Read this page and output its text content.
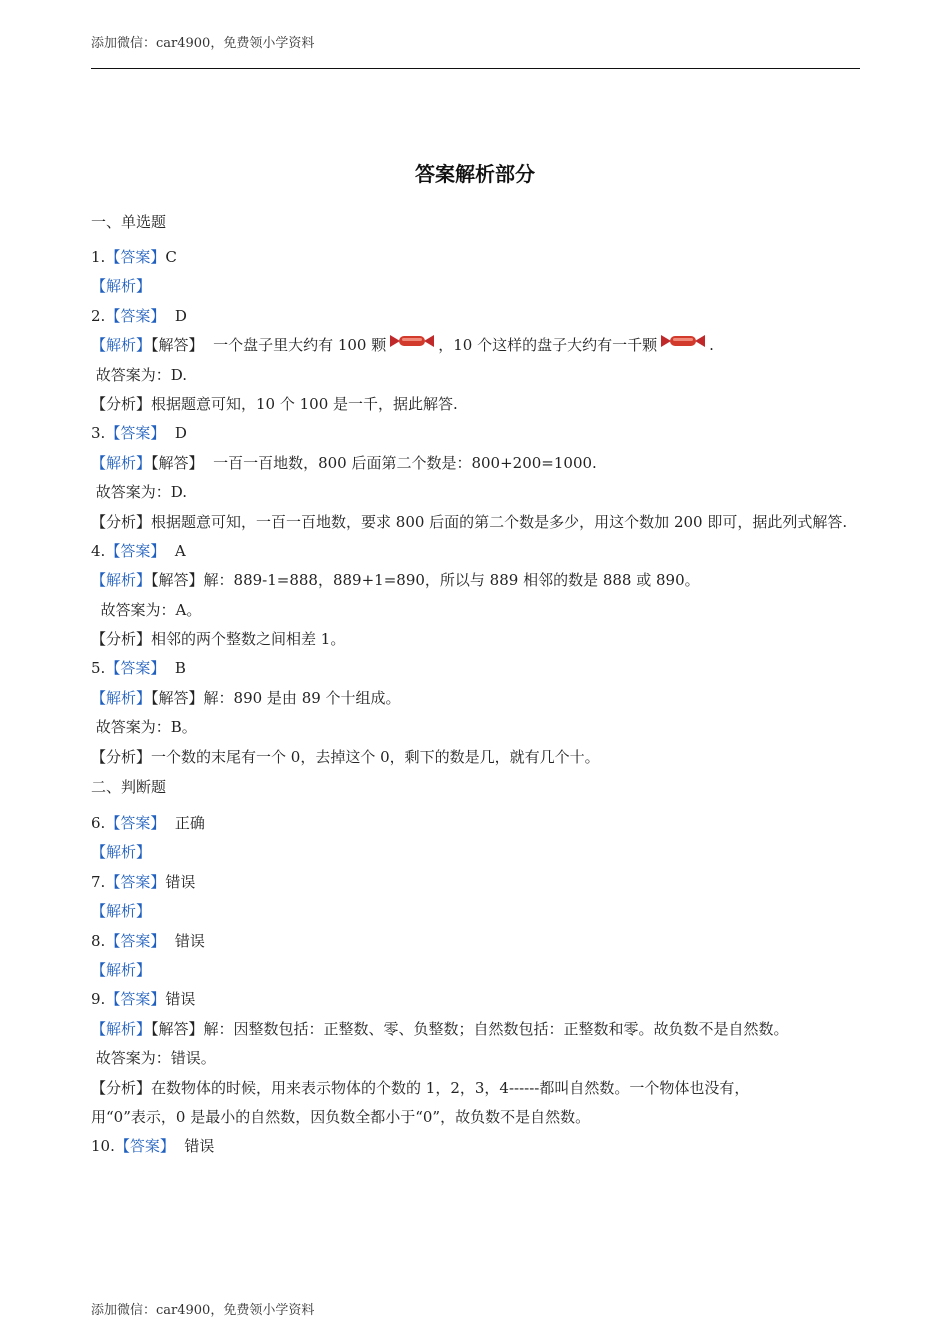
添加微信：car4900，免费领小学资料
答案解析部分
一、单选题
1.【答案】C
【解析】
2.【答案】  D
【解析】【解答】  一个盘子里大约有 100 颗	，10 个这样的盘子大约有一千颗	.
故答案为：D.
【分析】根据题意可知，10 个 100 是一千，据此解答.
3.【答案】  D
【解析】【解答】  一百一百地数，800 后面第二个数是：800+200=1000.
故答案为：D.
【分析】根据题意可知，一百一百地数，要求 800 后面的第二个数是多少，用这个数加 200 即可，据此列式解答.
4.【答案】  A
【解析】【解答】解：889-1=888，889+1=890，所以与 889 相邻的数是 888 或 890。
故答案为：A。
【分析】相邻的两个整数之间相差 1。
5.【答案】  B
【解析】【解答】解：890 是由 89 个十组成。
故答案为：B。
【分析】一个数的末尾有一个 0，去掉这个 0，剩下的数是几，就有几个十。
二、判断题
6.【答案】  正确
【解析】
7.【答案】错误
【解析】
8.【答案】  错误
【解析】
9.【答案】错误
【解析】【解答】解：因整数包括：正整数、零、负整数；自然数包括：正整数和零。故负数不是自然数。
故答案为：错误。
【分析】在数物体的时候，用来表示物体的个数的 1，2，3，4------都叫自然数。一个物体也没有，
用“0”表示，0 是最小的自然数，因负数全都小于“0”，故负数不是自然数。
10.【答案】  错误
添加微信：car4900，免费领小学资料
